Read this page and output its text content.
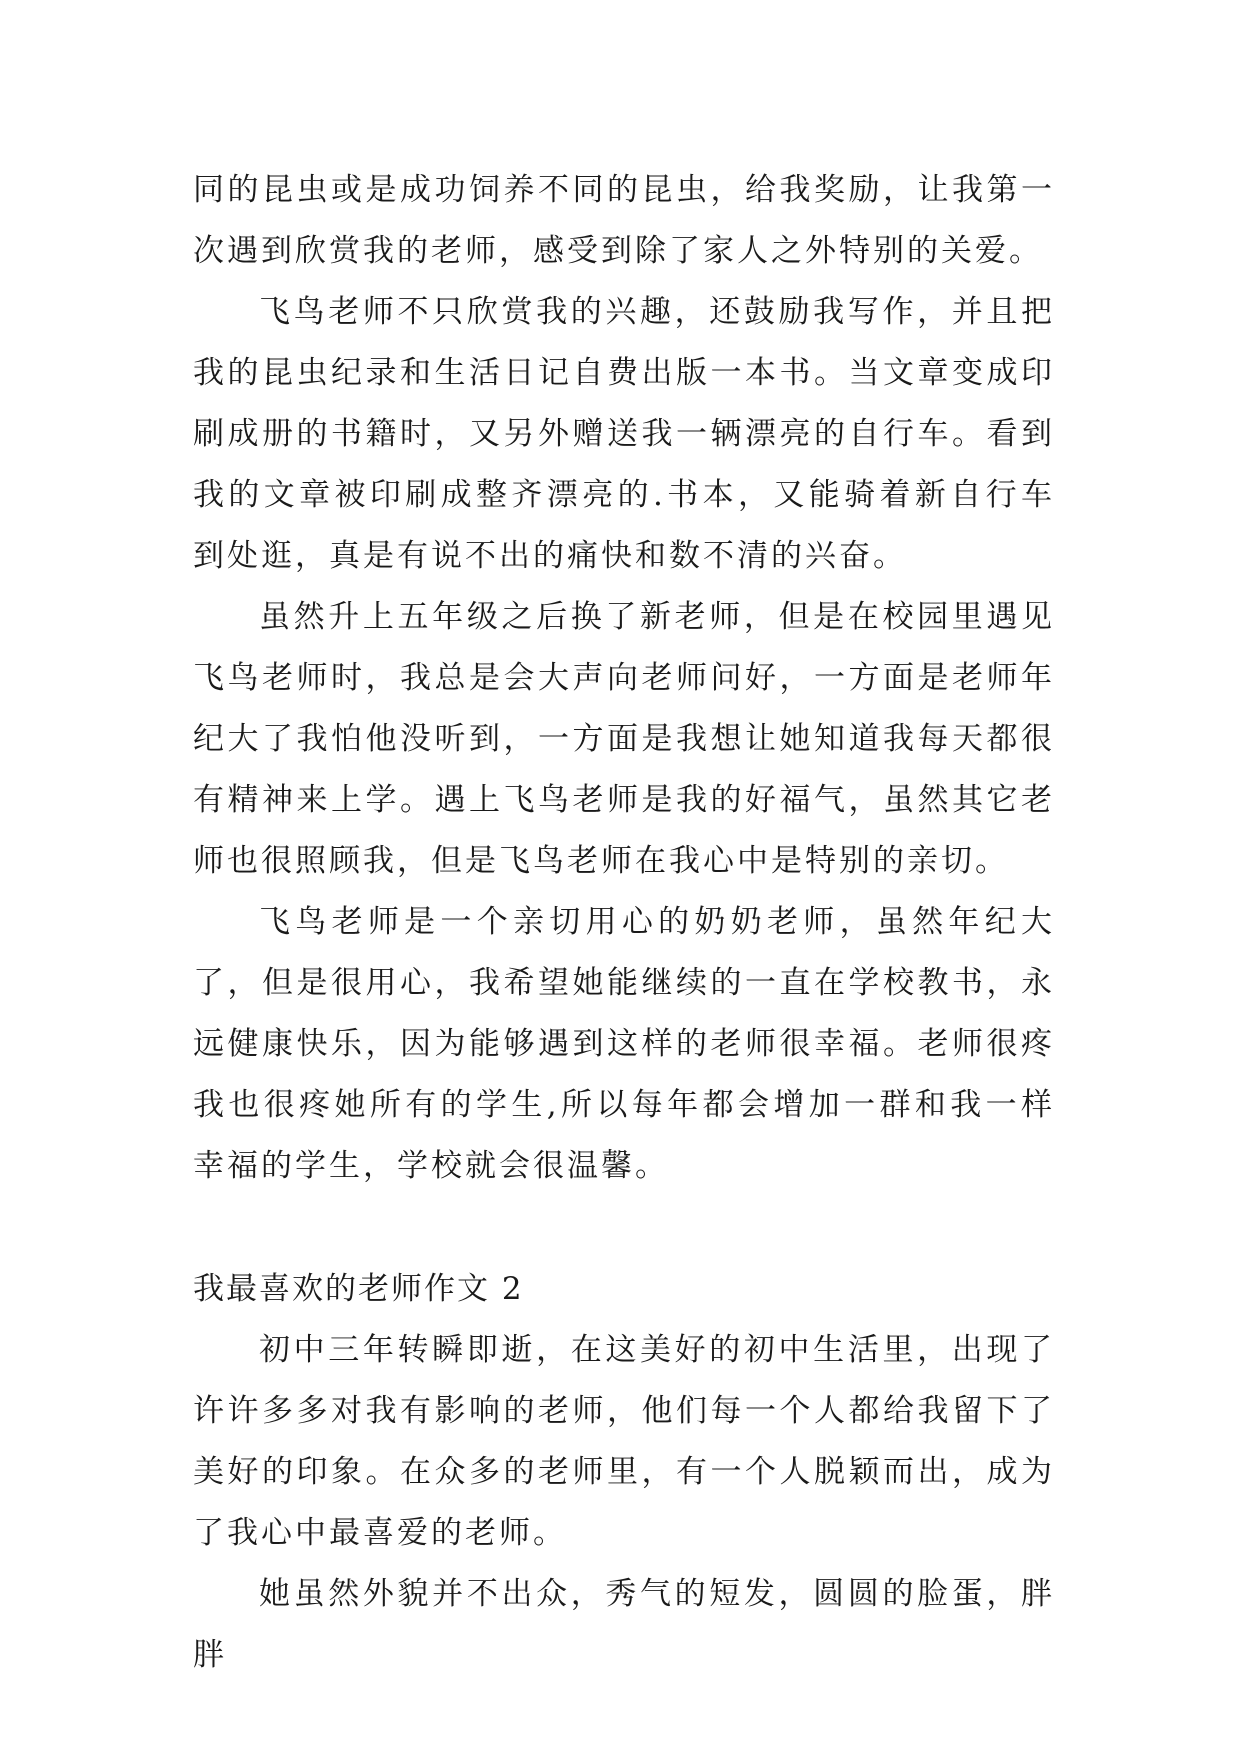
同的昆虫或是成功饲养不同的昆虫，给我奖励，让我第一次遇到欣赏我的老师，感受到除了家人之外特别的关爱。

飞鸟老师不只欣赏我的兴趣，还鼓励我写作，并且把我的昆虫纪录和生活日记自费出版一本书。当文章变成印刷成册的书籍时，又另外赠送我一辆漂亮的自行车。看到我的文章被印刷成整齐漂亮的.书本，又能骑着新自行车到处逛，真是有说不出的痛快和数不清的兴奋。

虽然升上五年级之后换了新老师，但是在校园里遇见飞鸟老师时，我总是会大声向老师问好，一方面是老师年纪大了我怕他没听到，一方面是我想让她知道我每天都很有精神来上学。遇上飞鸟老师是我的好福气，虽然其它老师也很照顾我，但是飞鸟老师在我心中是特别的亲切。

飞鸟老师是一个亲切用心的奶奶老师，虽然年纪大了，但是很用心，我希望她能继续的一直在学校教书，永远健康快乐，因为能够遇到这样的老师很幸福。老师很疼我也很疼她所有的学生,所以每年都会增加一群和我一样幸福的学生，学校就会很温馨。

我最喜欢的老师作文 2

初中三年转瞬即逝，在这美好的初中生活里，出现了许许多多对我有影响的老师，他们每一个人都给我留下了美好的印象。在众多的老师里，有一个人脱颖而出，成为了我心中最喜爱的老师。

她虽然外貌并不出众，秀气的短发，圆圆的脸蛋，胖胖
